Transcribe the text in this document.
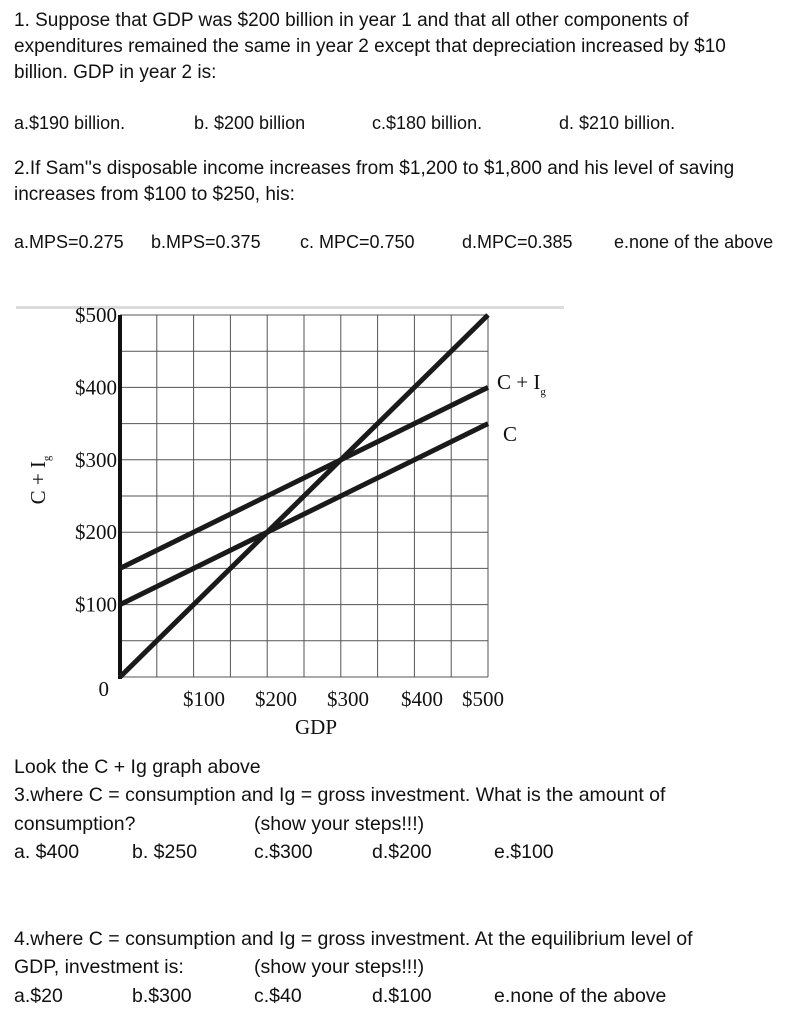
1. Suppose that GDP was $200 billion in year 1 and that all other components of expenditures remained the same in year 2 except that depreciation increased by $10 billion. GDP in year 2 is:

a.$190 billion.	b. $200 billion	c.$180 billion.	d. $210 billion.

2.If Sam''s disposable income increases from $1,200 to $1,800 and his level of saving increases from $100 to $250, his:

a.MPS=0.275 b.MPS=0.375 c. MPC=0.750	d.MPC=0.385 e.none of the above
$500
$400
$300
$200
$100
0	$100 $200 $300 $400 $500
GDP
$C + I_g$
$C + I_g$
C
Look the C + Ig graph above
3.where C = consumption and Ig = gross investment. What is the amount of
consumption?	(show your steps!!!)
a. $400	b. $250	c.$300	d.$200	e.$100
4.where C = consumption and Ig = gross investment. At the equilibrium level of
GDP, investment is:	(show your steps!!!)
a.$20	b.$300	c.$40	d.$100	e.none of the above
